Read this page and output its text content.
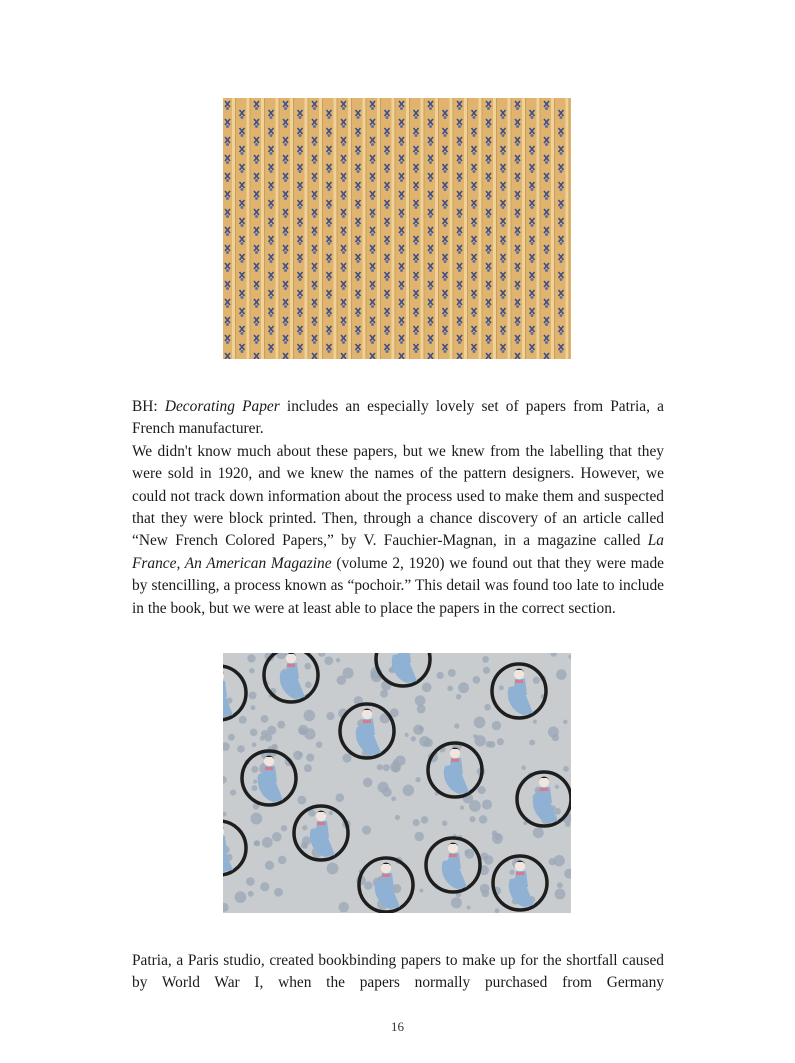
BH: Decorating Paper includes an especially lovely set of papers from Patria, a French manufacturer.

We didn't know much about these papers, but we knew from the labelling that they were sold in 1920, and we knew the names of the pattern designers. However, we could not track down information about the process used to make them and suspected that they were block printed. Then, through a chance discovery of an article called “New French Colored Papers,” by V. Fauchier-Magnan, in a magazine called La France, An American Magazine (volume 2, 1920) we found out that they were made by stencilling, a process known as “pochoir.” This detail was found too late to include in the book, but we were at least able to place the papers in the correct section.

Patria, a Paris studio, created bookbinding papers to make up for the shortfall caused by World War I, when the papers normally purchased from Germany

16
